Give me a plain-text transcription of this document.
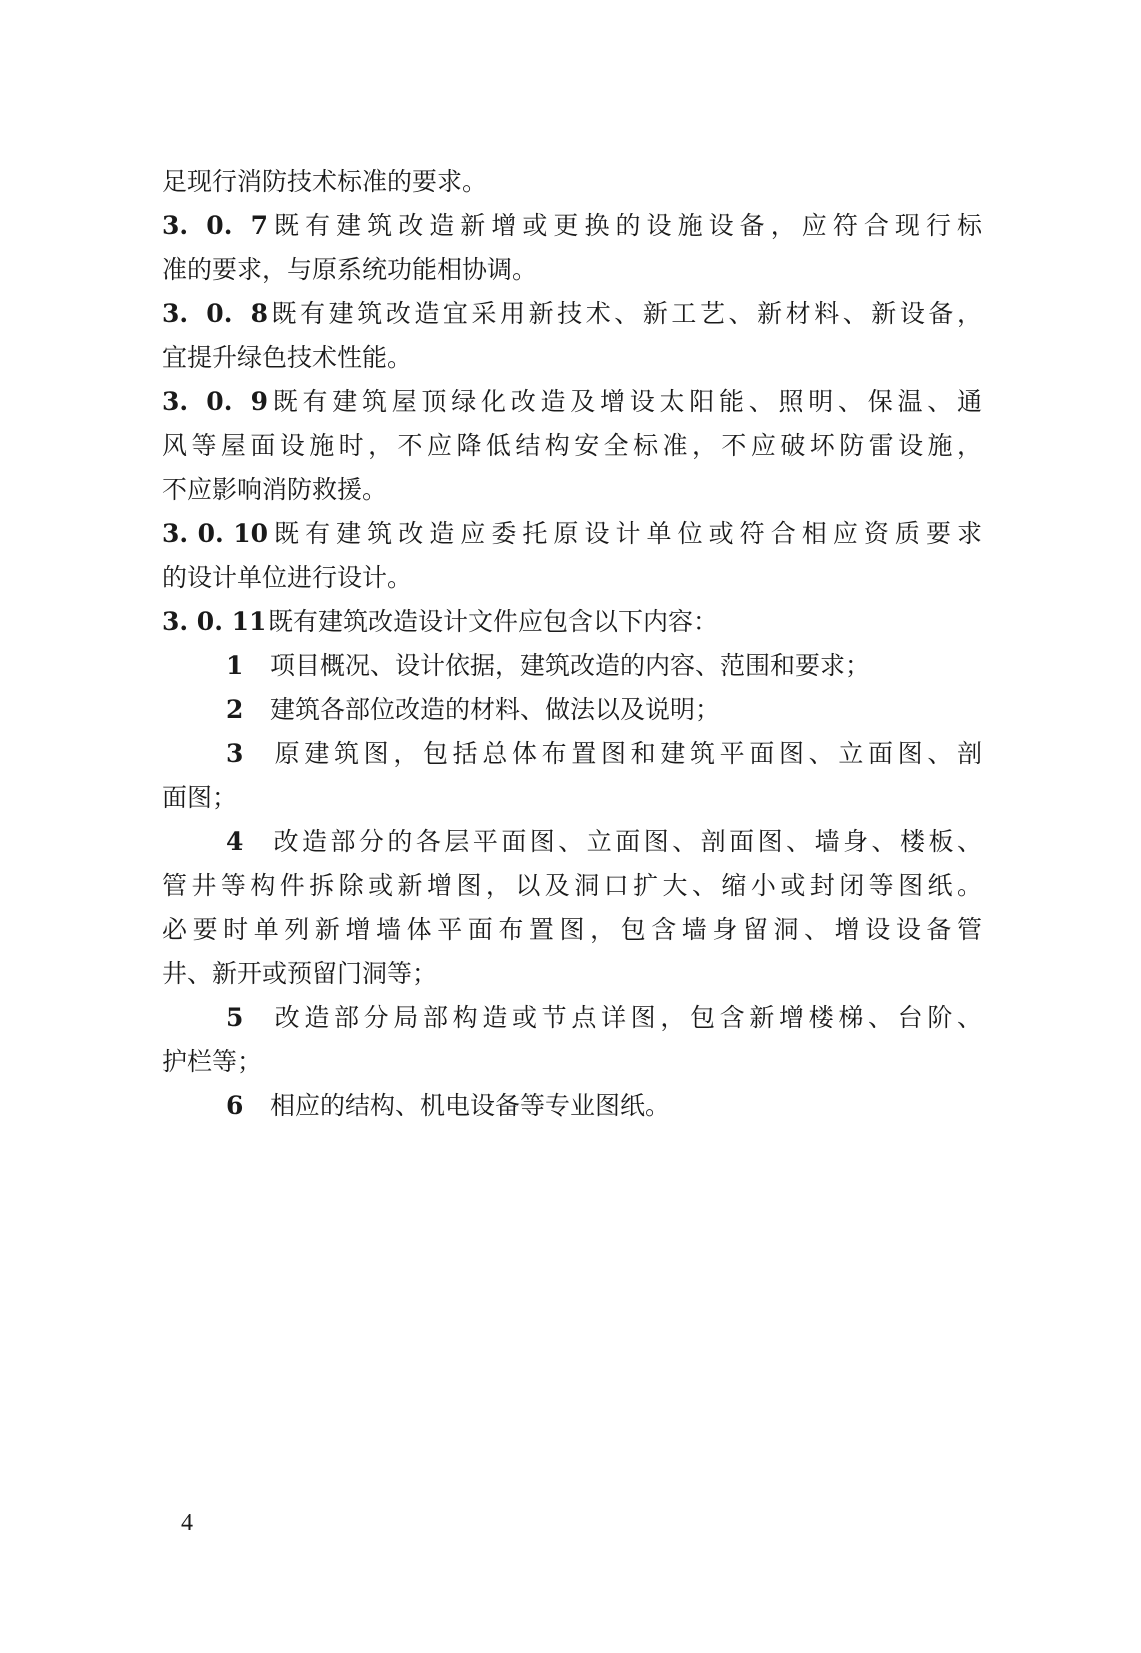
足现行消防技术标准的要求。
3. 0. 7既有建筑改造新增或更换的设施设备，应符合现行标
准的要求，与原系统功能相协调。
3. 0. 8既有建筑改造宜采用新技术、新工艺、新材料、新设备，
宜提升绿色技术性能。
3. 0. 9既有建筑屋顶绿化改造及增设太阳能、照明、保温、通
风等屋面设施时，不应降低结构安全标准，不应破坏防雷设施，
不应影响消防救援。
3. 0. 10既有建筑改造应委托原设计单位或符合相应资质要求
的设计单位进行设计。
3. 0. 11既有建筑改造设计文件应包含以下内容：
1 项目概况、设计依据，建筑改造的内容、范围和要求；
2 建筑各部位改造的材料、做法以及说明；
3 原建筑图，包括总体布置图和建筑平面图、立面图、剖
面图；
4 改造部分的各层平面图、立面图、剖面图、墙身、楼板、
管井等构件拆除或新增图，以及洞口扩大、缩小或封闭等图纸。
必要时单列新增墙体平面布置图，包含墙身留洞、增设设备管
井、新开或预留门洞等；
5 改造部分局部构造或节点详图，包含新增楼梯、台阶、
护栏等；
6 相应的结构、机电设备等专业图纸。
4
